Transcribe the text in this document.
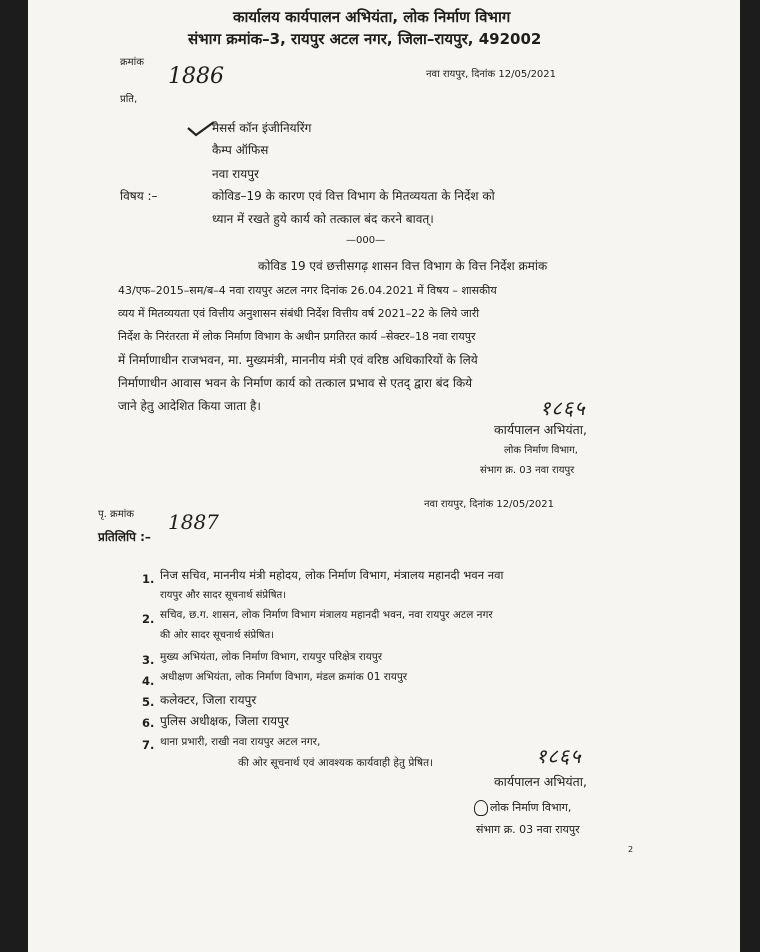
कार्यालय कार्यपालन अभियंता, लोक निर्माण विभाग
संभाग क्रमांक–3, रायपुर अटल नगर, जिला–रायपुर, 492002
क्रमांक
1886	नवा रायपुर, दिनांक 12/05/2021
प्रति,
मैसर्स कॉन इंजीनियरिंग
कैम्प ऑफिस
नवा रायपुर
विषय :–	कोविड–19 के कारण एवं वित्त विभाग के मितव्ययता के निर्देश को
ध्यान में रखते हुये कार्य को तत्काल बंद करने बावत्।
—000—
कोविड 19 एवं छत्तीसगढ़ शासन वित्त विभाग के वित्त निर्देश क्रमांक
43/एफ–2015–सम/ब–4 नवा रायपुर अटल नगर दिनांक 26.04.2021 में विषय – शासकीय
व्यय में मितव्ययता एवं वित्तीय अनुशासन संबंधी निर्देश वित्तीय वर्ष 2021–22 के लिये जारी
निर्देश के निरंतरता में लोक निर्माण विभाग के अधीन प्रगतिरत कार्य –सेक्टर–18 नवा रायपुर
में निर्माणाधीन राजभवन, मा. मुख्यमंत्री, माननीय मंत्री एवं वरिष्ठ अधिकारियों के लिये
निर्माणाधीन आवास भवन के निर्माण कार्य को तत्काल प्रभाव से एतद् द्वारा बंद किये
जाने हेतु आदेशित किया जाता है।	१८६५
कार्यपालन अभियंता,
लोक निर्माण विभाग,
संभाग क्र. 03 नवा रायपुर
नवा रायपुर, दिनांक 12/05/2021
पृ. क्रमांक 1887
प्रतिलिपि :–
1. निज सचिव, माननीय मंत्री महोदय, लोक निर्माण विभाग, मंत्रालय महानदी भवन नवा
रायपुर और सादर सूचनार्थ संप्रेषित।
2. सचिव, छ.ग. शासन, लोक निर्माण विभाग मंत्रालय महानदी भवन, नवा रायपुर अटल नगर
की ओर सादर सूचनार्थ संप्रेषित।
3. मुख्य अभियंता, लोक निर्माण विभाग, रायपुर परिक्षेत्र रायपुर
4. अधीक्षण अभियंता, लोक निर्माण विभाग, मंडल क्रमांक 01 रायपुर
5. कलेक्टर, जिला रायपुर
6. पुलिस अधीक्षक, जिला रायपुर
7. थाना प्रभारी, राखी नवा रायपुर अटल नगर,
की ओर सूचनार्थ एवं आवश्यक कार्यवाही हेतु प्रेषित।	१८६५
कार्यपालन अभियंता,
लोक निर्माण विभाग,
संभाग क्र. 03 नवा रायपुर
2
